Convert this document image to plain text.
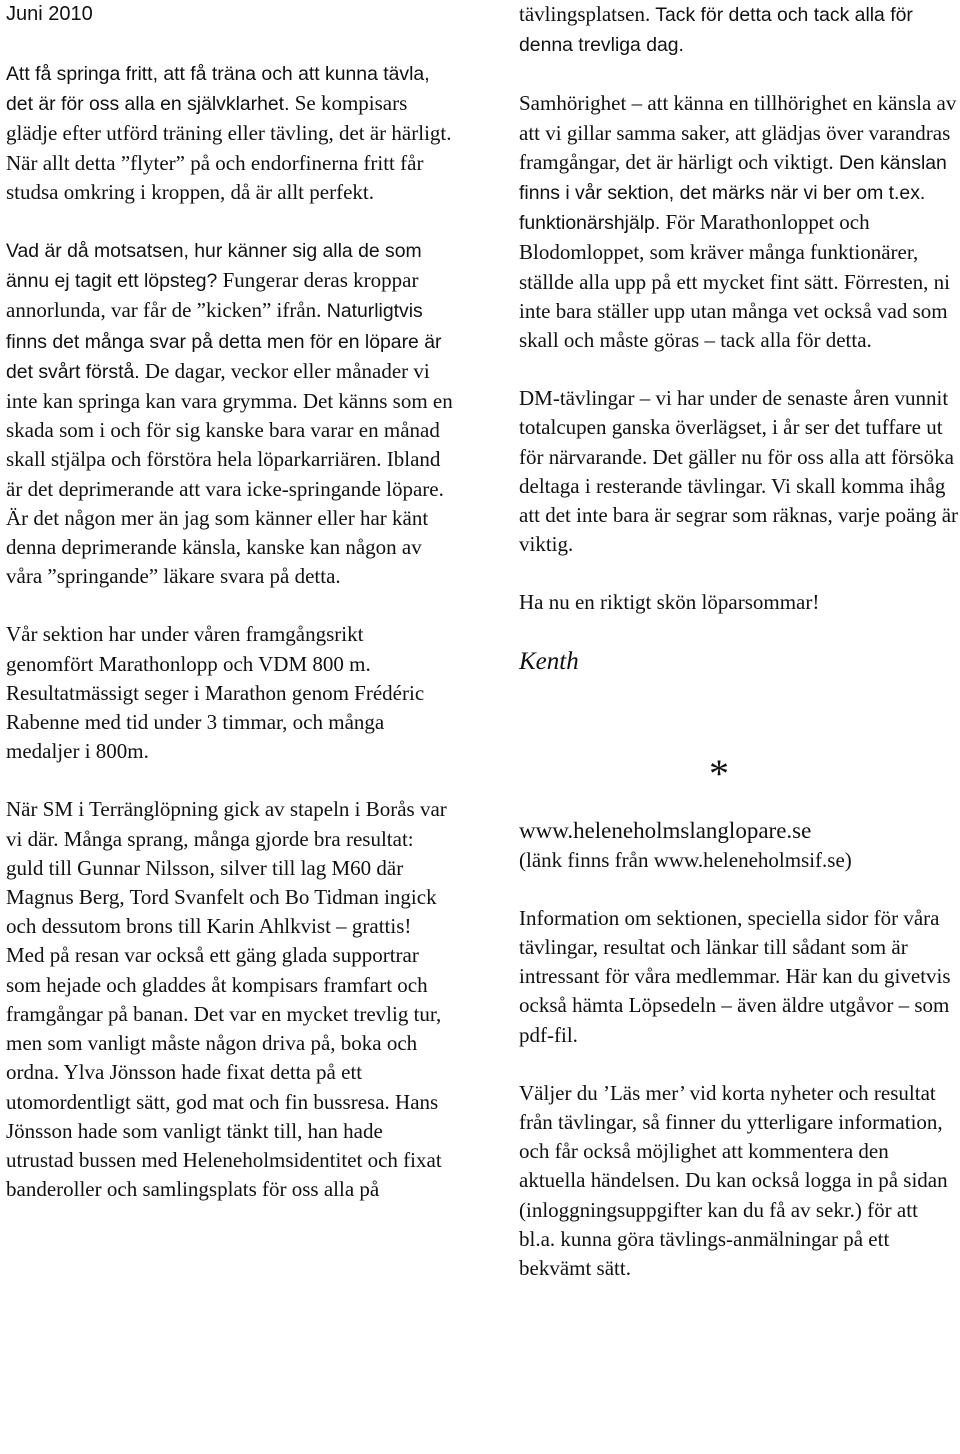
Juni 2010

Att få springa fritt, att få träna och att kunna tävla, det är för oss alla en självklarhet. Se kompisars glädje efter utförd träning eller tävling, det är härligt. När allt detta ”flyter” på och endorfinerna fritt får studsa omkring i kroppen, då är allt perfekt.

Vad är då motsatsen, hur känner sig alla de som ännu ej tagit ett löpsteg? Fungerar deras kroppar annorlunda, var får de ”kicken” ifrån. Naturligtvis finns det många svar på detta men för en löpare är det svårt förstå. De dagar, veckor eller månader vi inte kan springa kan vara grymma. Det känns som en skada som i och för sig kanske bara varar en månad skall stjälpa och förstöra hela löparkarriären. Ibland är det deprimerande att vara icke-springande löpare. Är det någon mer än jag som känner eller har känt denna deprimerande känsla, kanske kan någon av våra ”springande” läkare svara på detta.

Vår sektion har under våren framgångsrikt genomfört Marathonlopp och VDM 800 m. Resultatmässigt seger i Marathon genom Frédéric Rabenne med tid under 3 timmar, och många medaljer i 800m.

När SM i Terränglöpning gick av stapeln i Borås var vi där. Många sprang, många gjorde bra resultat: guld till Gunnar Nilsson, silver till lag M60 där Magnus Berg, Tord Svanfelt och Bo Tidman ingick och dessutom brons till Karin Ahlkvist – grattis! Med på resan var också ett gäng glada supportrar som hejade och gladdes åt kompisars framfart och framgångar på banan. Det var en mycket trevlig tur, men som vanligt måste någon driva på, boka och ordna. Ylva Jönsson hade fixat detta på ett utomordentligt sätt, god mat och fin bussresa. Hans Jönsson hade som vanligt tänkt till, han hade utrustad bussen med Heleneholmsidentitet och fixat banderoller och samlingsplats för oss alla på

tävlingsplatsen. Tack för detta och tack alla för denna trevliga dag.

Samhörighet – att känna en tillhörighet en känsla av att vi gillar samma saker, att glädjas över varandras framgångar, det är härligt och viktigt. Den känslan finns i vår sektion, det märks när vi ber om t.ex. funktionärshjälp. För Marathonloppet och Blodomloppet, som kräver många funktionärer, ställde alla upp på ett mycket fint sätt. Förresten, ni inte bara ställer upp utan många vet också vad som skall och måste göras – tack alla för detta.

DM-tävlingar – vi har under de senaste åren vunnit totalcupen ganska överlägset, i år ser det tuffare ut för närvarande. Det gäller nu för oss alla att försöka deltaga i resterande tävlingar. Vi skall komma ihåg att det inte bara är segrar som räknas, varje poäng är viktig.

Ha nu en riktigt skön löparsommar!

Kenth
*
www.heleneholmslanglopare.se
(länk finns från www.heleneholmsif.se)

Information om sektionen, speciella sidor för våra tävlingar, resultat och länkar till sådant som är intressant för våra medlemmar. Här kan du givetvis också hämta Löpsedeln – även äldre utgåvor – som pdf-fil.

Väljer du ’Läs mer’ vid korta nyheter och resultat från tävlingar, så finner du ytterligare information, och får också möjlighet att kommentera den aktuella händelsen. Du kan också logga in på sidan (inloggningsuppgifter kan du få av sekr.) för att bl.a. kunna göra tävlings-anmälningar på ett bekvämt sätt.
